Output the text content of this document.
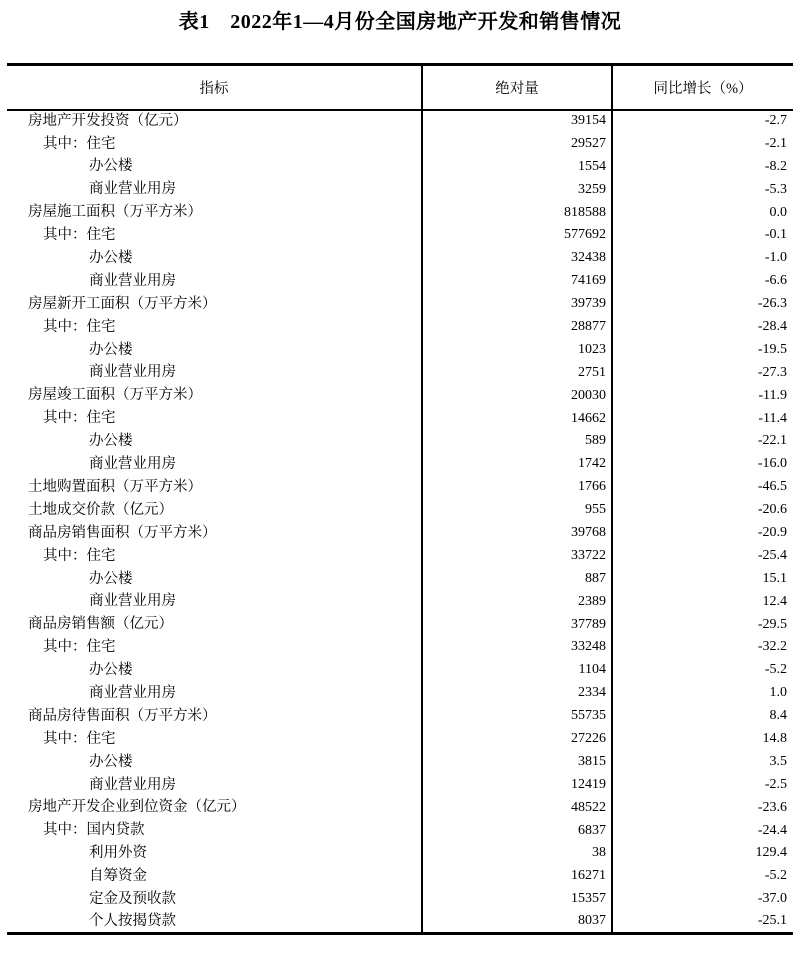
表1　2022年1—4月份全国房地产开发和销售情况
指标	绝对量	同比增长（%）
房地产开发投资（亿元）	39154	-2.7
其中：住宅	29527	-2.1
办公楼	1554	-8.2
商业营业用房	3259	-5.3
房屋施工面积（万平方米）	818588	0.0
其中：住宅	577692	-0.1
办公楼	32438	-1.0
商业营业用房	74169	-6.6
房屋新开工面积（万平方米）	39739	-26.3
其中：住宅	28877	-28.4
办公楼	1023	-19.5
商业营业用房	2751	-27.3
房屋竣工面积（万平方米）	20030	-11.9
其中：住宅	14662	-11.4
办公楼	589	-22.1
商业营业用房	1742	-16.0
土地购置面积（万平方米）	1766	-46.5
土地成交价款（亿元）	955	-20.6
商品房销售面积（万平方米）	39768	-20.9
其中：住宅	33722	-25.4
办公楼	887	15.1
商业营业用房	2389	12.4
商品房销售额（亿元）	37789	-29.5
其中：住宅	33248	-32.2
办公楼	1104	-5.2
商业营业用房	2334	1.0
商品房待售面积（万平方米）	55735	8.4
其中：住宅	27226	14.8
办公楼	3815	3.5
商业营业用房	12419	-2.5
房地产开发企业到位资金（亿元）	48522	-23.6
其中：国内贷款	6837	-24.4
利用外资	38	129.4
自筹资金	16271	-5.2
定金及预收款	15357	-37.0
个人按揭贷款	8037	-25.1
